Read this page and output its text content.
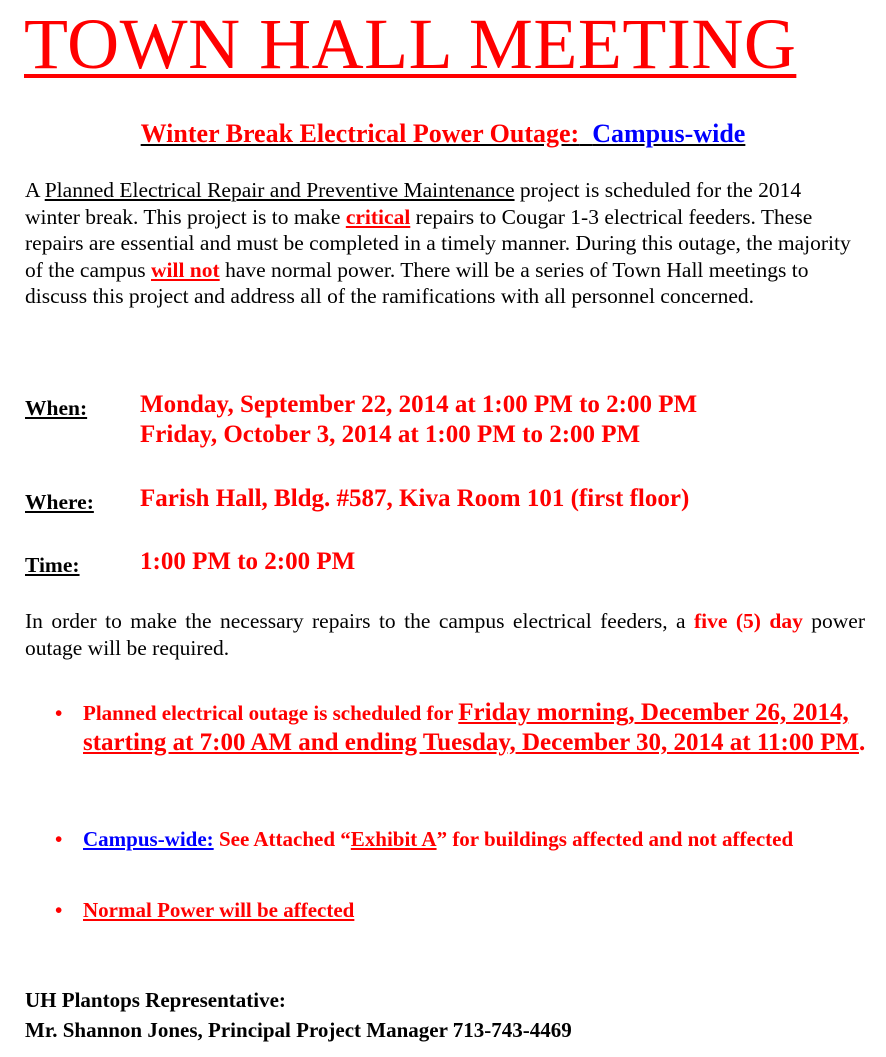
TOWN HALL MEETING
Winter Break Electrical Power Outage: Campus-wide

A Planned Electrical Repair and Preventive Maintenance project is scheduled for the 2014 winter break. This project is to make critical repairs to Cougar 1-3 electrical feeders. These repairs are essential and must be completed in a timely manner. During this outage, the majority of the campus will not have normal power. There will be a series of Town Hall meetings to discuss this project and address all of the ramifications with all personnel concerned.

When: Monday, September 22, 2014 at 1:00 PM to 2:00 PM
Friday, October 3, 2014 at 1:00 PM to 2:00 PM
Where: Farish Hall, Bldg. #587, Kiva Room 101 (first floor)
Time: 1:00 PM to 2:00 PM

In order to make the necessary repairs to the campus electrical feeders, a five (5) day power outage will be required.

• Planned electrical outage is scheduled for Friday morning, December 26, 2014, starting at 7:00 AM and ending Tuesday, December 30, 2014 at 11:00 PM.
• Campus-wide: See Attached “Exhibit A” for buildings affected and not affected
• Normal Power will be affected
UH Plantops Representative:
Mr. Shannon Jones, Principal Project Manager 713-743-4469
